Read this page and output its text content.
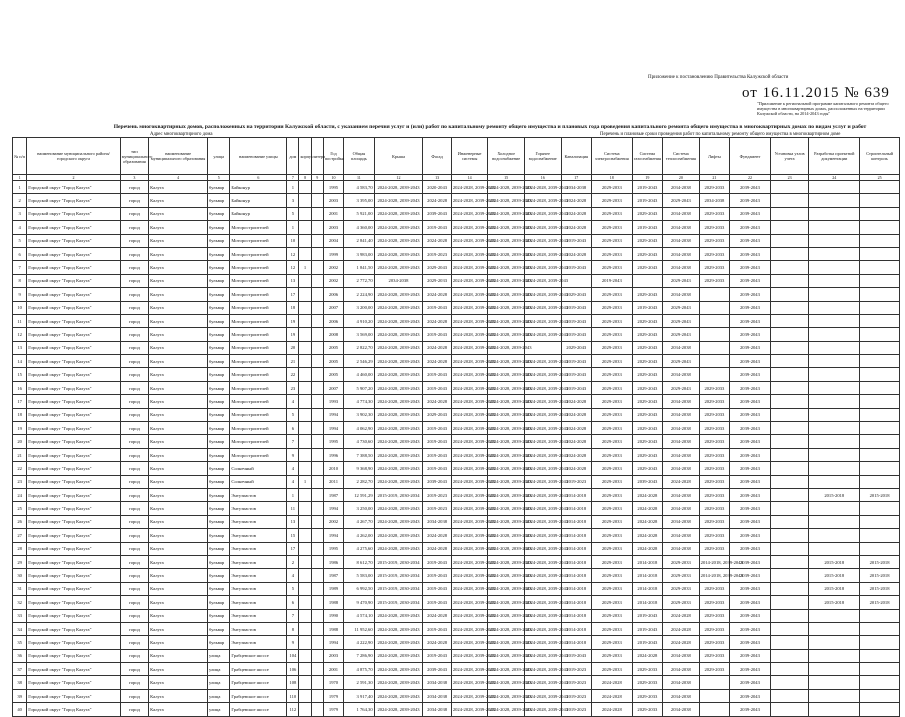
Приложение к постановлению Правительства Калужской области
от 16.11.2015 № 639
"Приложение к региональной программе капитального ремонта общего имущества в многоквартирных домах, расположенных на территории Калужской области, на 2014-2043 годы"
Перечень многоквартирных домов, расположенных на территории Калужской области, с указанием перечня услуг и (или) работ по капитальному ремонту общего имущества и плановых года проведения капитального ремонта общего имущества в многоквартирных домах по видам услуг и работ
Адрес многоквартирного дома	Перечень и плановые сроки проведения работ по капитальному ремонту общего имущества в многоквартирном доме
№ п/п	наименование муниципального района/городского округа	тип муниципального образования	наименование муниципального образования	улица	наименование улицы	дом	корпус	литера	Год постройки	Общая площадь	Крыша	Фасад	Инженерные системы	Холодное водоснабжение	Горячее водоснабжение	Канализация	Система электроснабжения	Система газоснабжения	Система теплоснабжения	Лифты	Фундамент	Установка узлов учета	Разработка проектной документации	Строительный контроль
1	2	3	4	5	6	7	8	9	10	11	12	13	14	15	16	17	18	19	20	21	22	23	24	25
1	Городской округ "Город Калуга"	город	Калуга	бульвар	Байконур	1			1995	4 583,70	2024-2028, 2039-2043	2020-2043	2024-2028, 2039-2043	2024-2028, 2039-2043	2024-2028, 2039-2043	2034-2038	2029-2033	2019-2043	2034-2038	2029-2033	2039-2043			
2	Городской округ "Город Калуга"	город	Калуга	бульвар	Байконур	3			2003	3 395,00	2024-2028, 2039-2043	2024-2028	2024-2028, 2039-2043	2024-2028, 2039-2043	2024-2028, 2039-2043	2024-2028	2029-2033	2019-2043	2029-2043	2034-2038	2039-2043			
3	Городской округ "Город Калуга"	город	Калуга	бульвар	Байконур	5			2001	5 921,00	2024-2028, 2039-2043	2039-2043	2024-2028, 2039-2043	2024-2028, 2039-2043	2024-2028, 2039-2043	2024-2028	2029-2033	2029-2043	2034-2038	2029-2033	2039-2043			
4	Городской округ "Город Калуга"	город	Калуга	бульвар	Моторостроителей	1			2003	4 360,00	2024-2028, 2039-2043	2019-2043	2024-2028, 2039-2043	2024-2028, 2039-2043	2024-2028, 2039-2043	2024-2028	2029-2033	2019-2043	2034-2038	2029-2033	2039-2043			
5	Городской округ "Город Калуга"	город	Калуга	бульвар	Моторостроителей	10			2004	2 841,40	2024-2028, 2039-2043	2024-2028	2024-2028, 2039-2043	2024-2028, 2039-2043	2024-2028, 2039-2043	2019-2043	2029-2033	2029-2043	2034-2038	2029-2033	2039-2043			
6	Городской округ "Город Калуга"	город	Калуга	бульвар	Моторостроителей	12			1999	3 983,00	2024-2028, 2039-2043	2019-2023	2024-2028, 2039-2043	2024-2028, 2039-2043	2024-2028, 2039-2043	2024-2028	2029-2033	2029-2043	2034-2038	2029-2033	2039-2043			
7	Городской округ "Город Калуга"	город	Калуга	бульвар	Моторостроителей	12	1		2002	1 841,50	2024-2028, 2039-2043	2029-2043	2024-2028, 2039-2043	2024-2028, 2039-2043	2024-2028, 2039-2043	2019-2043	2029-2033	2029-2043	2034-2038	2029-2033	2039-2043			
8	Городской округ "Город Калуга"	город	Калуга	бульвар	Моторостроителей	13			2002	2 772,70	2034-2038	2029-2033	2024-2028, 2039-2043	2024-2028, 2039-2043	2024-2028, 2039-2043		2019-2043		2029-2043	2029-2033	2039-2043			
9	Городской округ "Город Калуга"	город	Калуга	бульвар	Моторостроителей	17			2006	2 224,90	2024-2028, 2039-2043	2024-2028	2024-2028, 2039-2043	2024-2028, 2039-2043	2024-2028, 2039-2043	2029-2043	2029-2033	2029-2043	2034-2038		2039-2043			
10	Городской округ "Город Калуга"	город	Калуга	бульвар	Моторостроителей	18			2007	3 200,00	2024-2028, 2039-2043	2019-2043	2024-2028, 2039-2043	2024-2028, 2039-2043	2024-2028, 2039-2043	2019-2043	2029-2033	2019-2043	2029-2043		2039-2043			
11	Городской округ "Город Калуга"	город	Калуга	бульвар	Моторостроителей	19			2006	4 910,20	2024-2028, 2039-2043	2024-2028	2024-2028, 2039-2043	2024-2028, 2039-2043	2024-2028, 2039-2043	2019-2043	2029-2033	2029-2043	2029-2043		2039-2043			
12	Городской округ "Город Калуга"	город	Калуга	бульвар	Моторостроителей	19			2008	3 569,00	2024-2028, 2039-2043	2019-2043	2024-2028, 2039-2043	2024-2028, 2039-2043	2024-2028, 2039-2043	2019-2043	2029-2033	2029-2043	2029-2043		2039-2043			
13	Городской округ "Город Калуга"	город	Калуга	бульвар	Моторостроителей	20			2005	2 822,70	2024-2028, 2039-2043	2024-2028	2024-2028, 2039-2043	2024-2028, 2039-2043		2029-2043	2029-2033	2029-2043	2034-2038		2039-2043			
14	Городской округ "Город Калуга"	город	Калуга	бульвар	Моторостроителей	21			2005	2 546,29	2024-2028, 2039-2043	2024-2028	2024-2028, 2039-2043	2024-2028, 2039-2043	2024-2028, 2039-2043	2019-2043	2029-2033	2029-2043	2029-2043		2039-2043			
15	Городской округ "Город Калуга"	город	Калуга	бульвар	Моторостроителей	22			2005	4 460,00	2024-2028, 2039-2043	2019-2043	2024-2028, 2039-2043	2024-2028, 2039-2043	2024-2028, 2039-2043	2019-2043	2029-2033	2029-2043	2034-2038		2039-2043			
16	Городской округ "Город Калуга"	город	Калуга	бульвар	Моторостроителей	23			2007	5 907,20	2024-2028, 2039-2043	2019-2043	2024-2028, 2039-2043	2024-2028, 2039-2043	2024-2028, 2039-2043	2019-2043	2029-2033	2029-2043	2029-2043	2029-2033	2039-2043			
17	Городской округ "Город Калуга"	город	Калуга	бульвар	Моторостроителей	4			1993	4 774,30	2024-2028, 2039-2043	2024-2028	2024-2028, 2039-2043	2024-2028, 2039-2043	2024-2028, 2039-2043	2024-2028	2029-2033	2029-2043	2034-2038	2029-2033	2039-2043			
18	Городской округ "Город Калуга"	город	Калуга	бульвар	Моторостроителей	5			1994	3 902,30	2024-2028, 2039-2043	2029-2043	2024-2028, 2039-2043	2024-2028, 2039-2043	2024-2028, 2039-2043	2024-2028	2029-2033	2029-2043	2034-2038	2029-2033	2039-2043			
19	Городской округ "Город Калуга"	город	Калуга	бульвар	Моторостроителей	6			1994	4 062,90	2024-2028, 2039-2043	2019-2043	2024-2028, 2039-2043	2024-2028, 2039-2043	2024-2028, 2039-2043	2024-2028	2029-2033	2029-2043	2034-2038	2029-2033	2039-2043			
20	Городской округ "Город Калуга"	город	Калуга	бульвар	Моторостроителей	7			1995	4 730,60	2024-2028, 2039-2043	2019-2043	2024-2028, 2039-2043	2024-2028, 2039-2043	2024-2028, 2039-2043	2024-2028	2029-2033	2029-2043	2034-2038	2029-2033	2039-2043			
21	Городской округ "Город Калуга"	город	Калуга	бульвар	Моторостроителей	9			1996	7 388,50	2024-2028, 2039-2043	2019-2043	2024-2028, 2039-2043	2024-2028, 2039-2043	2024-2028, 2039-2043	2024-2028	2029-2033	2029-2043	2034-2038	2029-2033	2039-2043			
22	Городской округ "Город Калуга"	город	Калуга	бульвар	Солнечный	4			2010	9 368,90	2024-2028, 2039-2043	2019-2043	2024-2028, 2039-2043	2024-2028, 2039-2043	2024-2028, 2039-2043	2024-2028	2029-2033	2029-2043	2034-2038	2029-2033	2039-2043			
23	Городской округ "Город Калуга"	город	Калуга	бульвар	Солнечный	4	1		2011	2 282,70	2024-2028, 2039-2043	2039-2043	2024-2028, 2039-2043	2024-2028, 2039-2043	2024-2028, 2039-2043	2019-2023	2029-2033	2039-2043	2024-2028	2029-2033	2039-2043			
24	Городской округ "Город Калуга"	город	Калуга	бульвар	Энтузиастов	1			1987	12 591,29	2015-2019, 2030-2034	2019-2023	2024-2028, 2039-2043	2024-2028, 2039-2043	2024-2028, 2039-2043	2014-2018	2029-2033	2024-2028	2034-2038	2029-2033	2039-2043		2015-2018	2015-2018
25	Городской округ "Город Калуга"	город	Калуга	бульвар	Энтузиастов	11			1994	3 250,00	2024-2028, 2039-2043	2019-2023	2024-2028, 2039-2043	2024-2028, 2039-2043	2024-2028, 2039-2043	2014-2018	2029-2033	2024-2028	2034-2038	2029-2033	2039-2043			
26	Городской округ "Город Калуга"	город	Калуга	бульвар	Энтузиастов	13			2002	4 267,70	2024-2028, 2039-2043	2034-2038	2024-2028, 2039-2043	2024-2028, 2039-2043	2024-2028, 2039-2043	2014-2018	2029-2033	2024-2028	2034-2038	2029-2033	2039-2043			
27	Городской округ "Город Калуга"	город	Калуга	бульвар	Энтузиастов	15			1994	4 262,00	2024-2028, 2039-2043	2024-2028	2024-2028, 2039-2043	2024-2028, 2039-2043	2024-2028, 2039-2043	2014-2018	2029-2033	2024-2028	2034-2038	2029-2033	2039-2043			
28	Городской округ "Город Калуга"	город	Калуга	бульвар	Энтузиастов	17			1995	4 275,60	2024-2028, 2039-2043	2024-2028	2024-2028, 2039-2043	2024-2028, 2039-2043	2024-2028, 2039-2043	2014-2018	2029-2033	2024-2028	2034-2038	2029-2033	2039-2043			
29	Городской округ "Город Калуга"	город	Калуга	бульвар	Энтузиастов	2			1986	8 612,70	2015-2019, 2030-2034	2019-2043	2024-2028, 2039-2043	2024-2028, 2039-2043	2024-2028, 2039-2043	2014-2018	2029-2033	2014-2018	2029-2033	2014-2018, 2039-2043	2039-2043		2015-2018	2015-2018
30	Городской округ "Город Калуга"	город	Калуга	бульвар	Энтузиастов	4			1987	5 583,00	2015-2019, 2030-2034	2019-2043	2024-2028, 2039-2043	2024-2028, 2039-2043	2024-2028, 2039-2043	2014-2018	2029-2033	2014-2018	2029-2033	2014-2018, 2039-2043	2039-2043		2015-2018	2015-2018
31	Городской округ "Город Калуга"	город	Калуга	бульвар	Энтузиастов	5			1989	6 992,50	2015-2019, 2030-2034	2019-2043	2024-2028, 2039-2043	2024-2028, 2039-2043	2024-2028, 2039-2043	2014-2018	2029-2033	2014-2018	2029-2033	2029-2033	2039-2043		2015-2018	2015-2018
32	Городской округ "Город Калуга"	город	Калуга	бульвар	Энтузиастов	6			1988	9 470,90	2015-2019, 2030-2034	2019-2043	2024-2028, 2039-2043	2024-2028, 2039-2043	2024-2028, 2039-2043	2014-2018	2029-2033	2014-2018	2029-2033	2029-2033	2039-2043		2015-2018	2015-2018
33	Городской округ "Город Калуга"	город	Калуга	бульвар	Энтузиастов	7			1990	4 574,10	2024-2028, 2039-2043	2024-2028	2024-2028, 2039-2043	2024-2028, 2039-2043	2024-2028, 2039-2043	2014-2018	2029-2033	2019-2043	2024-2028	2029-2033	2039-2043			
34	Городской округ "Город Калуга"	город	Калуга	бульвар	Энтузиастов	8			1988	11 952,60	2024-2028, 2039-2043	2019-2043	2024-2028, 2039-2043	2024-2028, 2039-2043	2024-2028, 2039-2043	2014-2018	2029-2033	2019-2043	2024-2028	2029-2033	2039-2043			
35	Городской округ "Город Калуга"	город	Калуга	бульвар	Энтузиастов	9			1994	4 222,90	2024-2028, 2039-2043	2024-2028	2024-2028, 2039-2043	2024-2028, 2039-2043	2024-2028, 2039-2043	2014-2018	2029-2033	2019-2043	2024-2028	2029-2033	2039-2043			
36	Городской округ "Город Калуга"	город	Калуга	улица	Грабцевское шоссе	104			2003	7 286,90	2024-2028, 2039-2043	2019-2043	2024-2028, 2039-2043	2024-2028, 2039-2043	2024-2028, 2039-2043	2019-2043	2029-2033	2024-2028	2034-2038	2029-2033	2039-2043			
37	Городской округ "Город Калуга"	город	Калуга	улица	Грабцевское шоссе	106			2001	4 875,70	2024-2028, 2039-2043	2039-2043	2024-2028, 2039-2043	2024-2028, 2039-2043	2024-2028, 2039-2043	2019-2023	2029-2033	2029-2033	2034-2038	2029-2033	2039-2043			
38	Городской округ "Город Калуга"	город	Калуга	улица	Грабцевское шоссе	108			1970	2 591,30	2024-2028, 2039-2043	2034-2038	2024-2028, 2039-2043	2024-2028, 2039-2043	2024-2028, 2039-2043	2019-2023	2024-2028	2029-2033	2034-2038		2039-2043			
39	Городской округ "Город Калуга"	город	Калуга	улица	Грабцевское шоссе	110			1979	3 917,40	2024-2028, 2039-2043	2034-2038	2024-2028, 2039-2043	2024-2028, 2039-2043	2024-2028, 2039-2043	2019-2023	2024-2028	2029-2033	2034-2038		2039-2043			
40	Городской округ "Город Калуга"	город	Калуга	улица	Грабцевское шоссе	112			1979	1 764,30	2024-2028, 2039-2043	2034-2038	2024-2028, 2039-2043	2024-2028, 2039-2043	2024-2028, 2039-2043	2019-2023	2024-2028	2029-2033	2034-2038		2039-2043			
